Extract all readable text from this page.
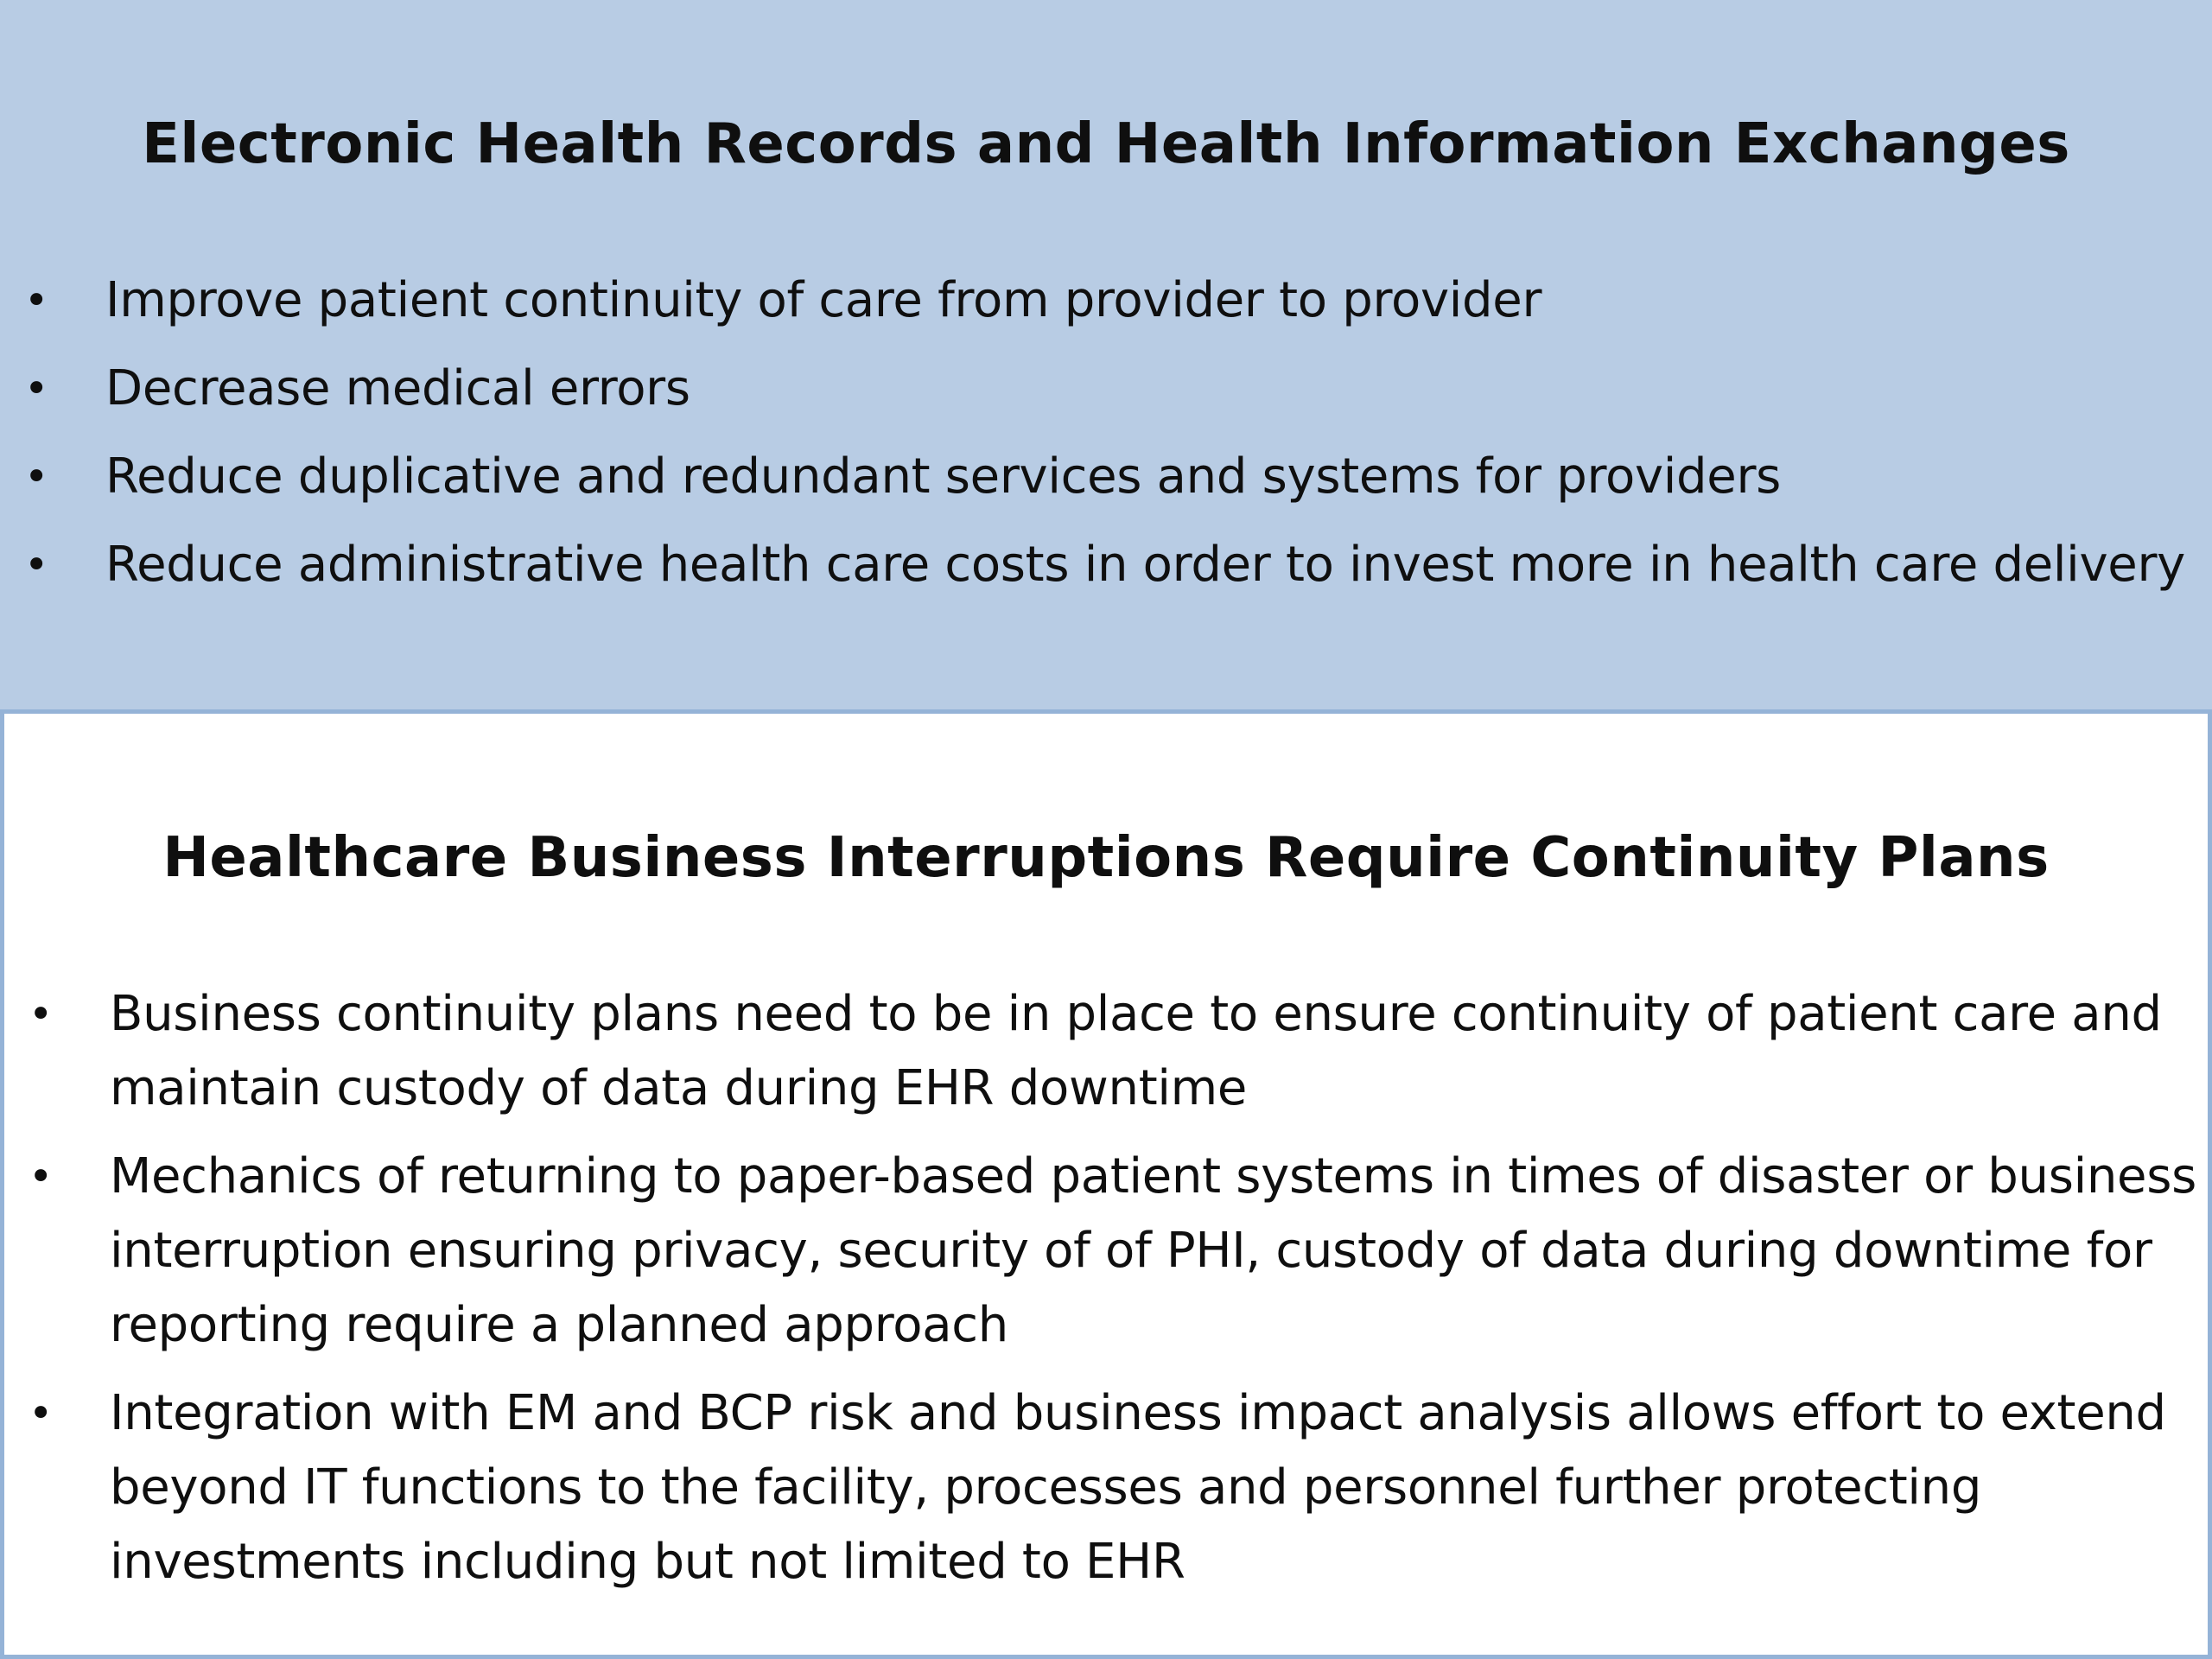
Electronic Health Records and Health Information Exchanges
• Improve patient continuity of care from provider to provider
• Decrease medical errors
• Reduce duplicative and redundant services and systems for providers
• Reduce administrative health care costs in order to invest more in health care delivery
Healthcare Business Interruptions Require Continuity Plans
• Business continuity plans need to be in place to ensure continuity of patient care and maintain custody of data during EHR downtime
• Mechanics of returning to paper-based patient systems in times of disaster or business interruption ensuring privacy, security of of PHI, custody of data during downtime for reporting require a planned approach
• Integration with EM and BCP risk and business impact analysis allows effort to extend beyond IT functions to the facility, processes and personnel further protecting investments including but not limited to EHR
